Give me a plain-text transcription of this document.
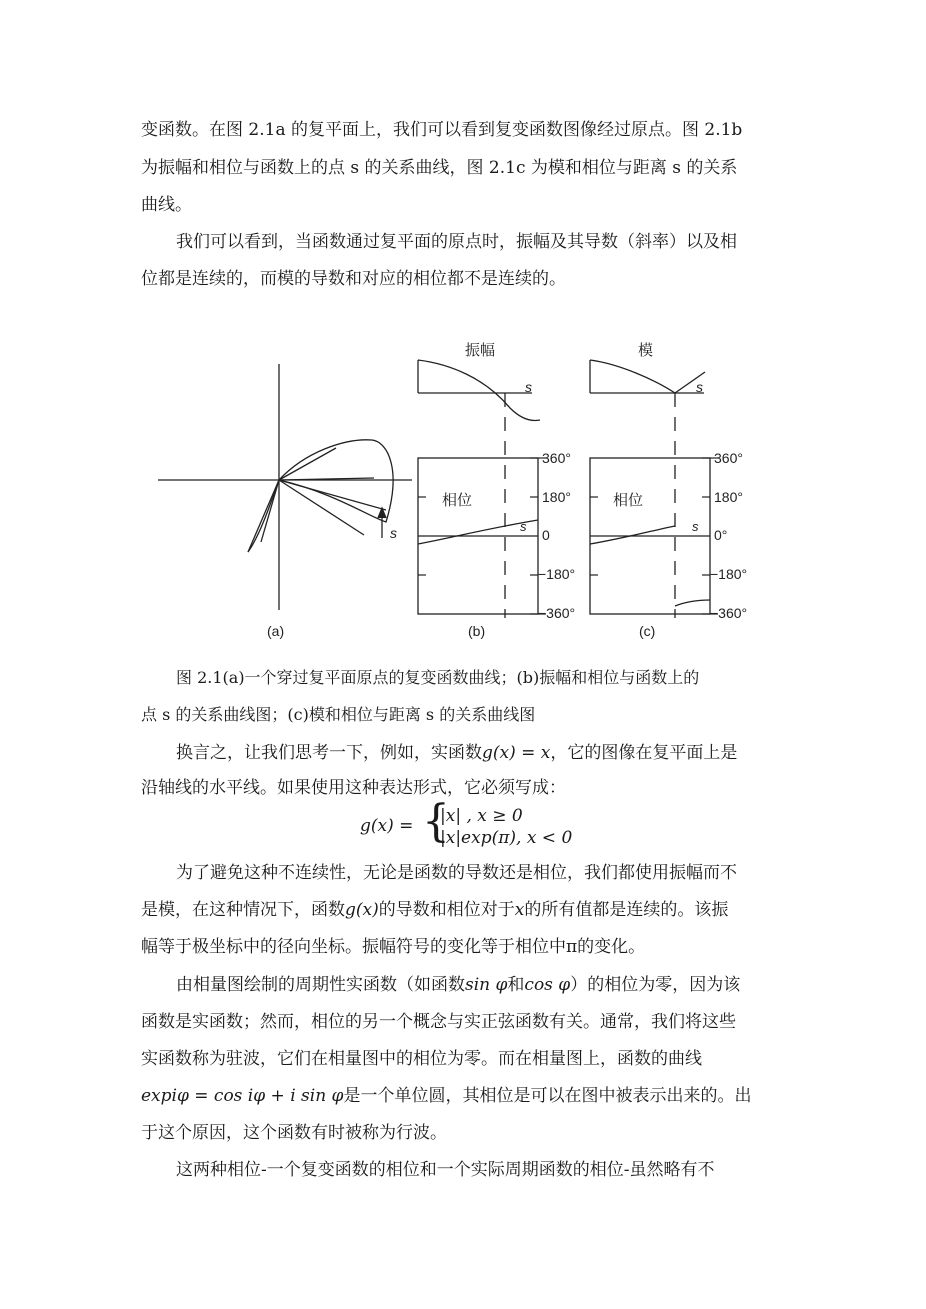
变函数。在图 2.1a 的复平面上，我们可以看到复变函数图像经过原点。图 2.1b
为振幅和相位与函数上的点 s 的关系曲线，图 2.1c 为模和相位与距离 s 的关系
曲线。
我们可以看到，当函数通过复平面的原点时，振幅及其导数（斜率）以及相
位都是连续的，而模的导数和对应的相位都不是连续的。
振幅	模
s	s
s	s	s
相位	相位
360°
180°
0
−180°
−360°
360°
180°
0°
−180°
−360°
(a)	(b)	(c)
图 2.1(a)一个穿过复平面原点的复变函数曲线；(b)振幅和相位与函数上的
点 s 的关系曲线图；(c)模和相位与距离 s 的关系曲线图
换言之，让我们思考一下，例如，实函数g(x) = x，它的图像在复平面上是
沿轴线的水平线。如果使用这种表达形式，它必须写成：
g(x) = {
|x| , x ≥ 0
|x|exp(π), x < 0
为了避免这种不连续性，无论是函数的导数还是相位，我们都使用振幅而不
是模，在这种情况下，函数g(x)的导数和相位对于x的所有值都是连续的。该振
幅等于极坐标中的径向坐标。振幅符号的变化等于相位中π的变化。
由相量图绘制的周期性实函数（如函数sin φ和cos φ）的相位为零，因为该
函数是实函数；然而，相位的另一个概念与实正弦函数有关。通常，我们将这些
实函数称为驻波，它们在相量图中的相位为零。而在相量图上，函数的曲线
expiφ = cos iφ + i sin φ是一个单位圆，其相位是可以在图中被表示出来的。出
于这个原因，这个函数有时被称为行波。
这两种相位-一个复变函数的相位和一个实际周期函数的相位-虽然略有不
